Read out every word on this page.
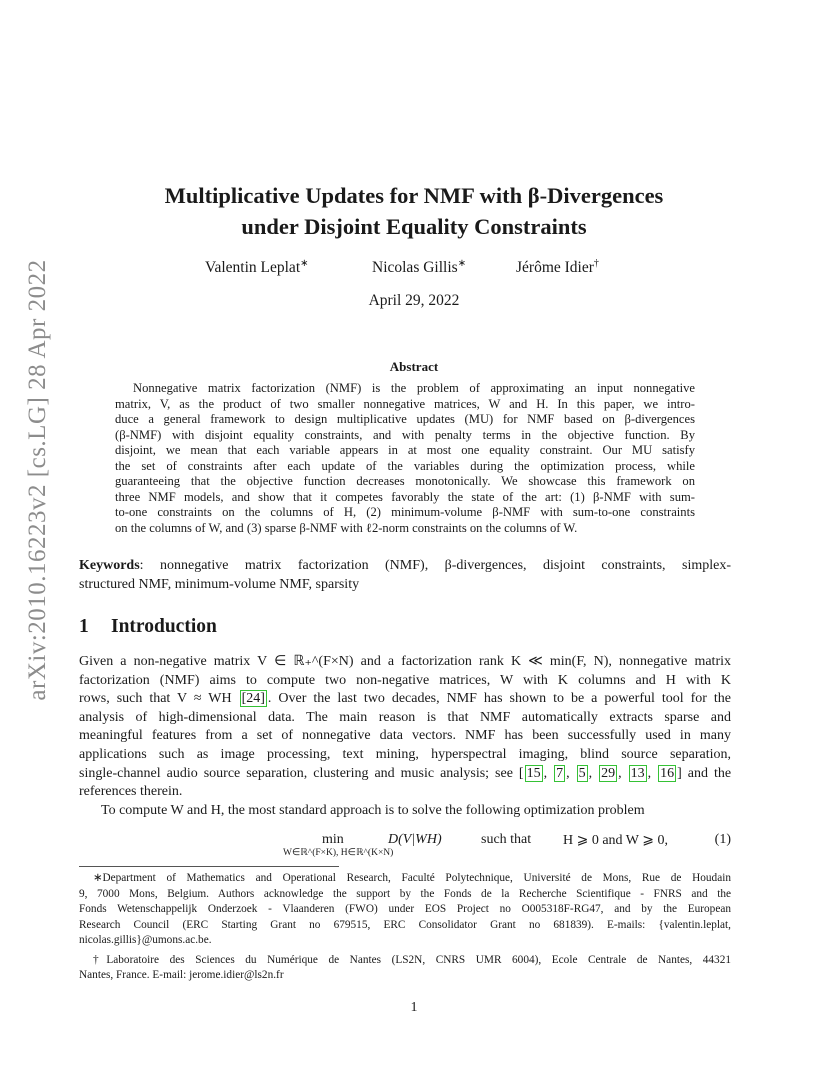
arXiv:2010.16223v2 [cs.LG] 28 Apr 2022
Multiplicative Updates for NMF with β-Divergences
under Disjoint Equality Constraints
Valentin Leplat∗	Nicolas Gillis∗	Jérôme Idier†
April 29, 2022
Abstract
Nonnegative matrix factorization (NMF) is the problem of approximating an input nonnegative
matrix, V, as the product of two smaller nonnegative matrices, W and H. In this paper, we intro-
duce a general framework to design multiplicative updates (MU) for NMF based on β-divergences
(β-NMF) with disjoint equality constraints, and with penalty terms in the objective function. By
disjoint, we mean that each variable appears in at most one equality constraint. Our MU satisfy
the set of constraints after each update of the variables during the optimization process, while
guaranteeing that the objective function decreases monotonically. We showcase this framework on
three NMF models, and show that it competes favorably the state of the art: (1) β-NMF with sum-
to-one constraints on the columns of H, (2) minimum-volume β-NMF with sum-to-one constraints
on the columns of W, and (3) sparse β-NMF with ℓ2-norm constraints on the columns of W.
Keywords: nonnegative matrix factorization (NMF), β-divergences, disjoint constraints, simplex-
structured NMF, minimum-volume NMF, sparsity
1 Introduction
Given a non-negative matrix V ∈ ℝ₊^(F×N) and a factorization rank K ≪ min(F, N), nonnegative matrix
factorization (NMF) aims to compute two non-negative matrices, W with K columns and H with K
rows, such that V ≈ WH [24] . Over the last two decades, NMF has shown to be a powerful tool for the
analysis of high-dimensional data. The main reason is that NMF automatically extracts sparse and
meaningful features from a set of nonnegative data vectors. NMF has been successfully used in many
applications such as image processing, text mining, hyperspectral imaging, blind source separation,
single-channel audio source separation, clustering and music analysis; see [ 15 , 7 , 5 , 29 , 13 , 16 ] and the
references therein.
To compute W and H, the most standard approach is to solve the following optimization problem
min
W∈ℝ^(F×K), H∈ℝ^(K×N)
D(V|WH)	such that H ⩾ 0 and W ⩾ 0,	(1)
∗Department of Mathematics and Operational Research, Faculté Polytechnique, Université de Mons, Rue de Houdain
9, 7000 Mons, Belgium. Authors acknowledge the support by the Fonds de la Recherche Scientifique - FNRS and the
Fonds Wetenschappelijk Onderzoek - Vlaanderen (FWO) under EOS Project no O005318F-RG47, and by the European
Research Council (ERC Starting Grant no 679515, ERC Consolidator Grant no 681839). E-mails: {valentin.leplat,
nicolas.gillis}@umons.ac.be.
†Laboratoire des Sciences du Numérique de Nantes (LS2N, CNRS UMR 6004), Ecole Centrale de Nantes, 44321
Nantes, France. E-mail: jerome.idier@ls2n.fr
1
